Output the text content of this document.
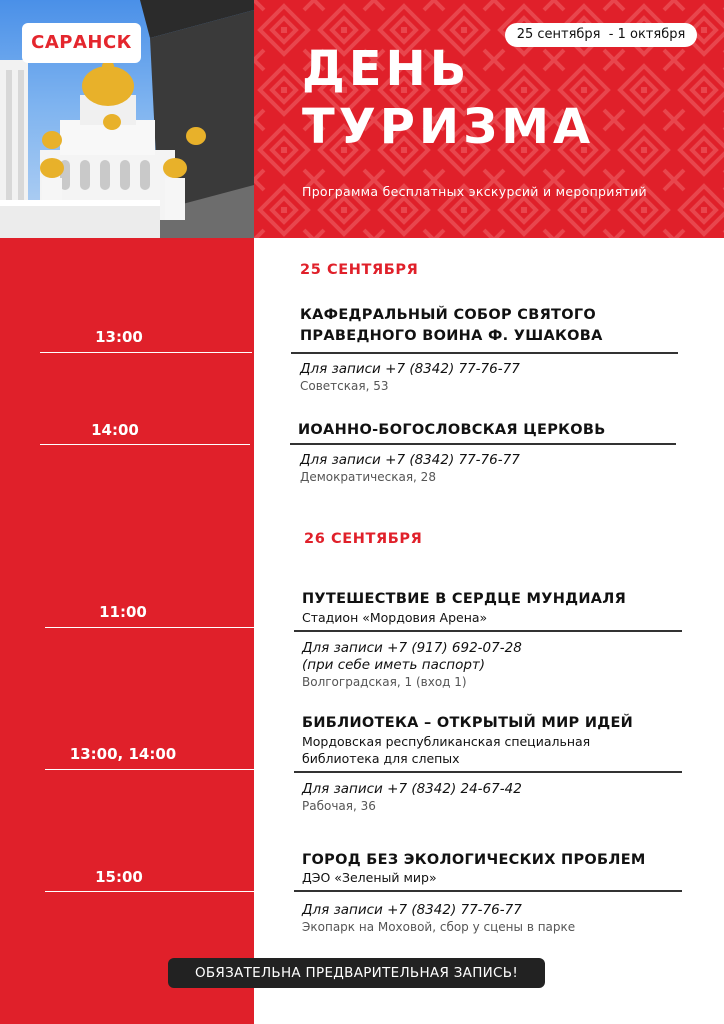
САРАНСК	25 сентября  - 1 октября
ДЕНЬ
ТУРИЗМА
Программа бесплатных экскурсий и мероприятий
25 СЕНТЯБРЯ
13:00
КАФЕДРАЛЬНЫЙ СОБОР СВЯТОГО
ПРАВЕДНОГО ВОИНА Ф. УШАКОВА
Для записи +7 (8342) 77-76-77
Советская, 53
14:00	ИОАННО-БОГОСЛОВСКАЯ ЦЕРКОВЬ
Для записи +7 (8342) 77-76-77
Демократическая, 28
26 СЕНТЯБРЯ
11:00
ПУТЕШЕСТВИЕ В СЕРДЦЕ МУНДИАЛЯ
Стадион «Мордовия Арена»
Для записи +7 (917) 692-07-28
(при себе иметь паспорт)
Волгоградская, 1 (вход 1)
13:00, 14:00
БИБЛИОТЕКА – ОТКРЫТЫЙ МИР ИДЕЙ
Мордовская республиканская специальная
библиотека для слепых
Для записи +7 (8342) 24-67-42
Рабочая, 36
15:00
ГОРОД БЕЗ ЭКОЛОГИЧЕСКИХ ПРОБЛЕМ
ДЭО «Зеленый мир»
Для записи +7 (8342) 77-76-77
Экопарк на Моховой, сбор у сцены в парке
ОБЯЗАТЕЛЬНА ПРЕДВАРИТЕЛЬНАЯ ЗАПИСЬ!
